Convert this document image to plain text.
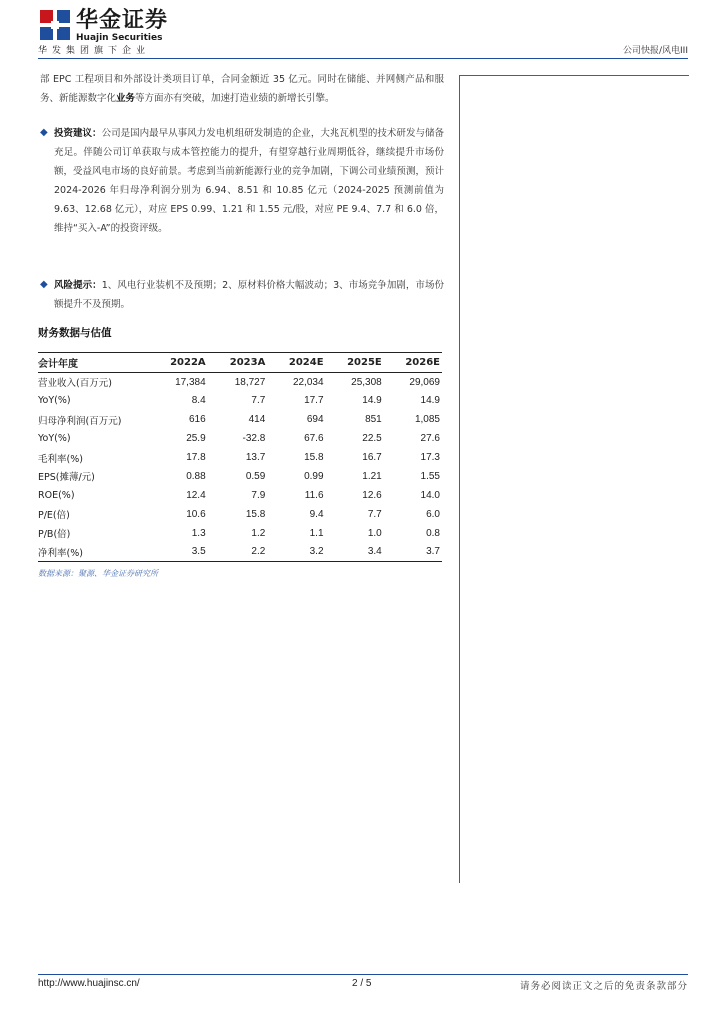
华金证券
Huajin Securities
华发集团旗下企业	公司快报/风电III

部 EPC 工程项目和外部设计类项目订单，合同金额近 35 亿元。同时在储能、并网侧产品和服务、新能源数字化业务等方面亦有突破，加速打造业绩的新增长引擎。

◆ 投资建议：公司是国内最早从事风力发电机组研发制造的企业，大兆瓦机型的技术研发与储备充足。伴随公司订单获取与成本管控能力的提升，有望穿越行业周期低谷，继续提升市场份额，受益风电市场的良好前景。考虑到当前新能源行业的竞争加剧，下调公司业绩预测，预计 2024-2026 年归母净利润分别为 6.94、8.51 和 10.85 亿元（2024-2025 预测前值为 9.63、12.68 亿元），对应 EPS 0.99、1.21 和 1.55 元/股，对应 PE 9.4、7.7 和 6.0 倍，维持“买入-A”的投资评级。

◆ 风险提示：1、风电行业装机不及预期；2、原材料价格大幅波动；3、市场竞争加剧，市场份额提升不及预期。

财务数据与估值
会计年度	2022A	2023A	2024E	2025E	2026E
营业收入(百万元)	17,384	18,727	22,034	25,308	29,069
YoY(%)	8.4	7.7	17.7	14.9	14.9
归母净利润(百万元)	616	414	694	851	1,085
YoY(%)	25.9	-32.8	67.6	22.5	27.6
毛利率(%)	17.8	13.7	15.8	16.7	17.3
EPS(摊薄/元)	0.88	0.59	0.99	1.21	1.55
ROE(%)	12.4	7.9	11.6	12.6	14.0
P/E(倍)	10.6	15.8	9.4	7.7	6.0
P/B(倍)	1.3	1.2	1.1	1.0	0.8
净利率(%)	3.5	2.2	3.2	3.4	3.7
数据来源：聚源、华金证券研究所
http://www.huajinsc.cn/	2 / 5	请务必阅读正文之后的免责条款部分
